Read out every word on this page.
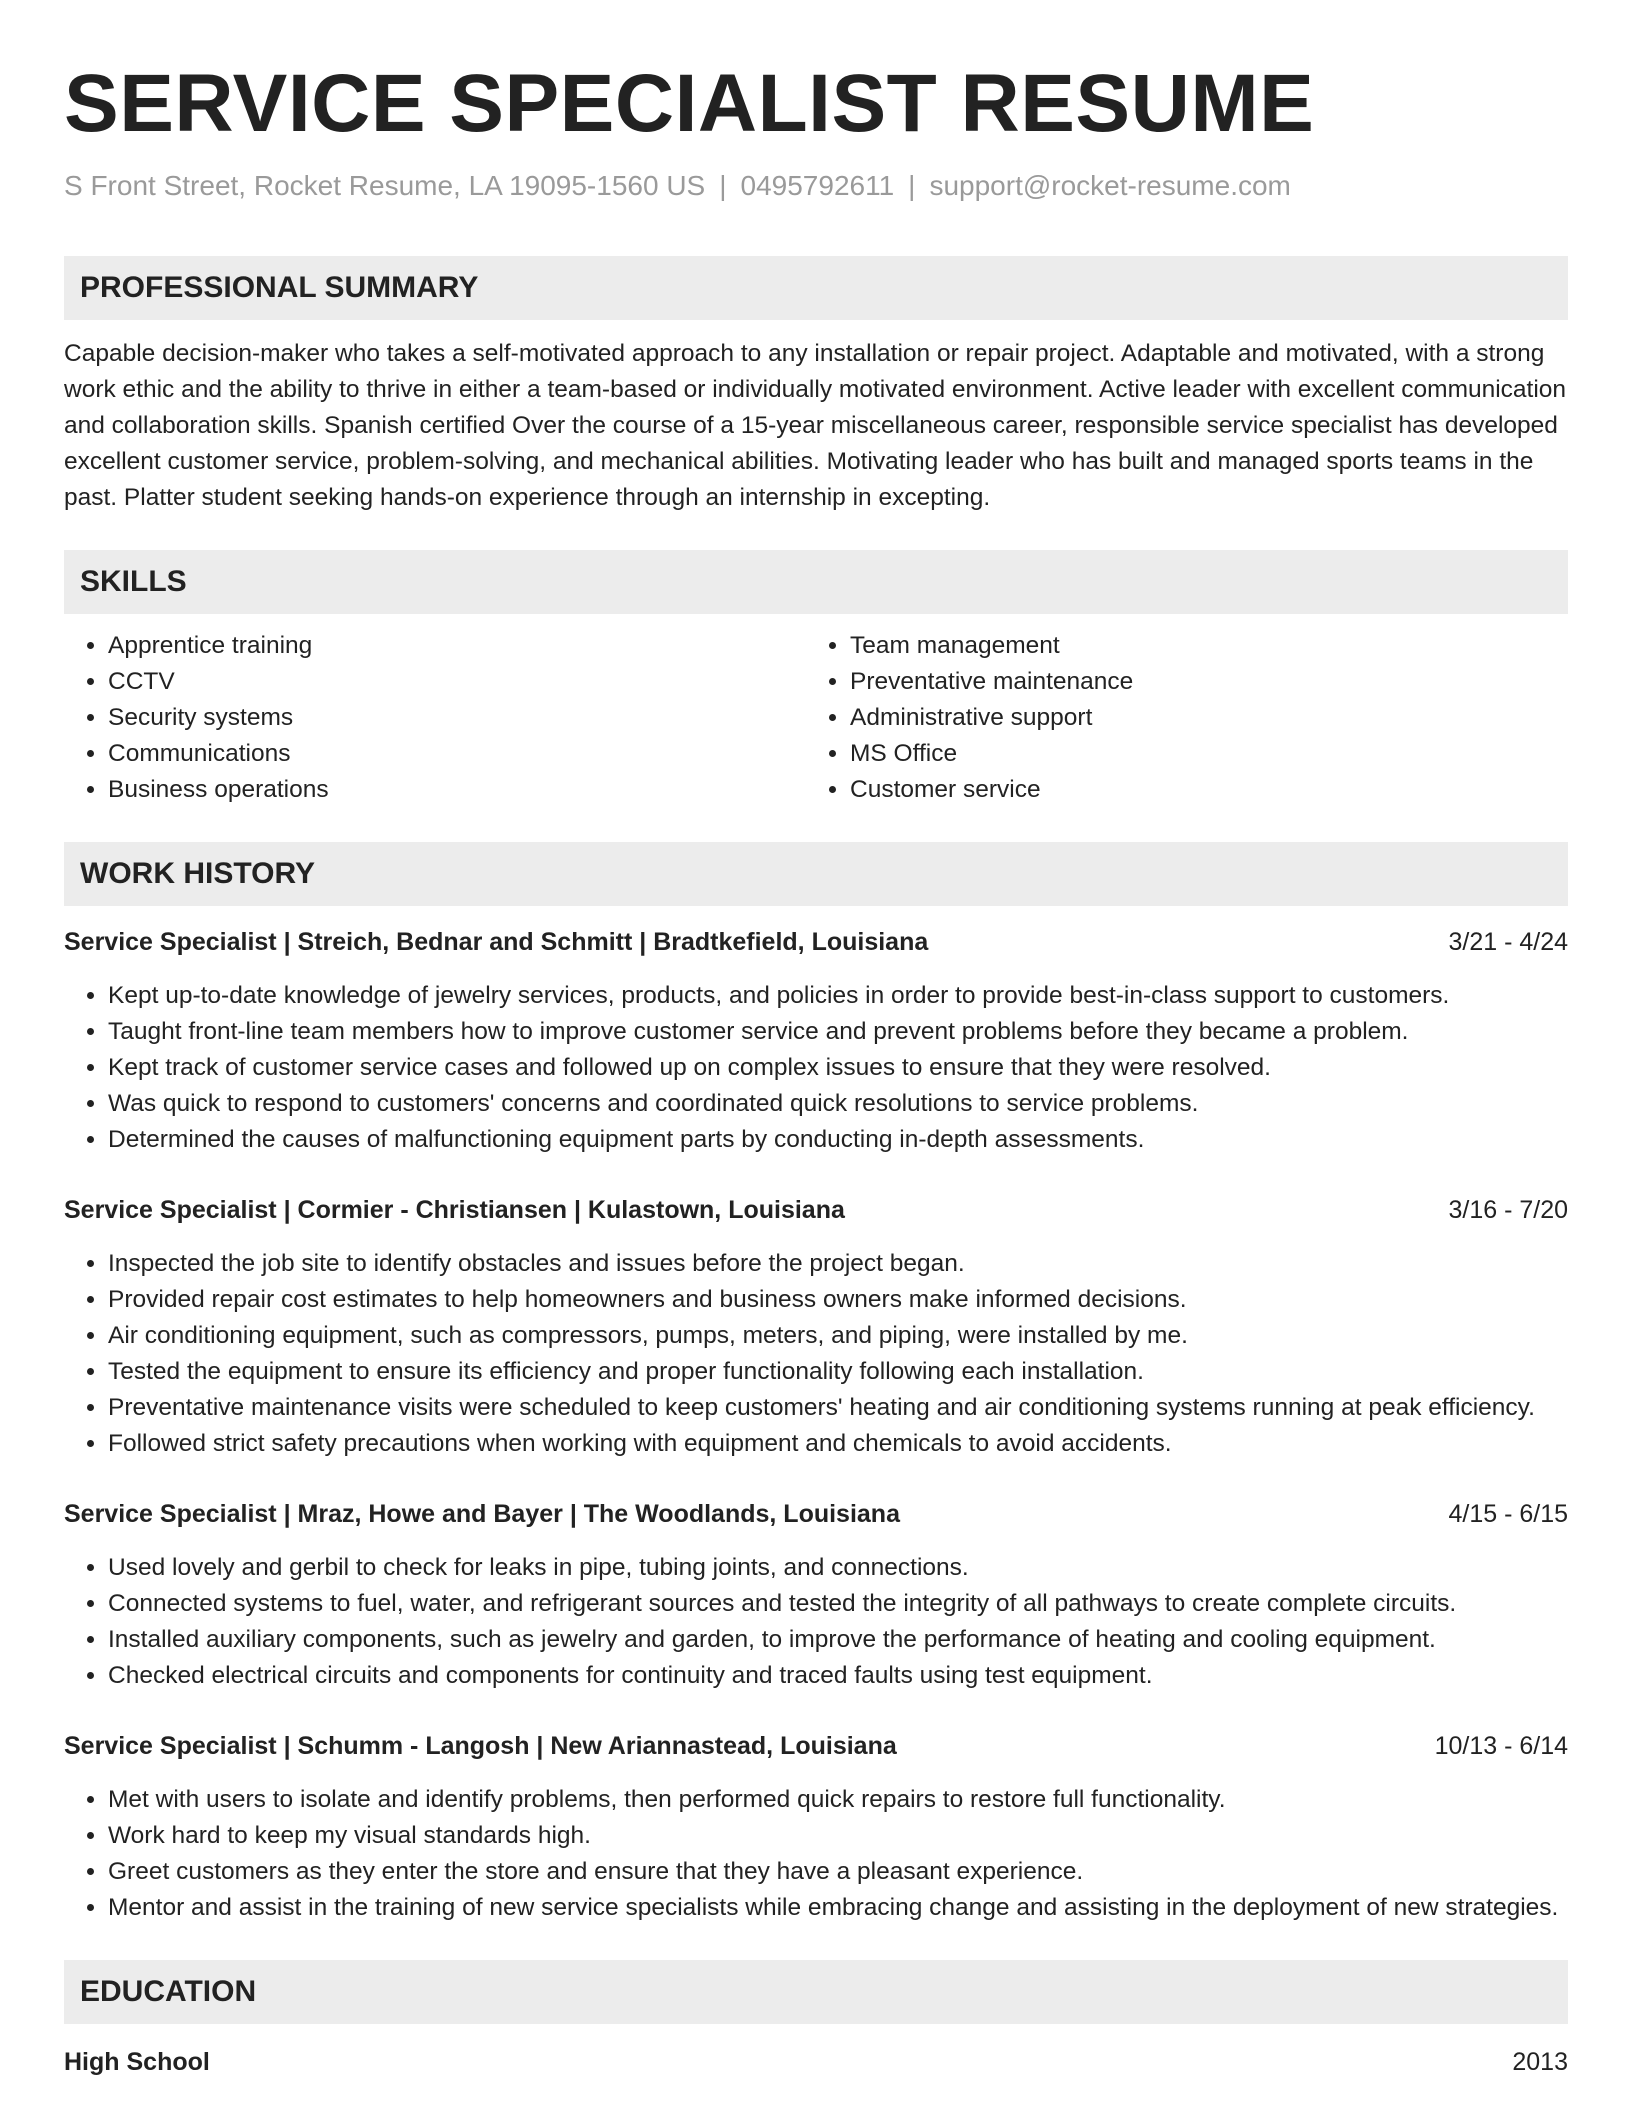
SERVICE SPECIALIST RESUME
S Front Street, Rocket Resume, LA 19095-1560 US | 0495792611 | support@rocket-resume.com
PROFESSIONAL SUMMARY
Capable decision-maker who takes a self-motivated approach to any installation or repair project. Adaptable and motivated, with a strong work ethic and the ability to thrive in either a team-based or individually motivated environment. Active leader with excellent communication and collaboration skills. Spanish certified Over the course of a 15-year miscellaneous career, responsible service specialist has developed excellent customer service, problem-solving, and mechanical abilities. Motivating leader who has built and managed sports teams in the past. Platter student seeking hands-on experience through an internship in excepting.
SKILLS
• Apprentice training
• CCTV
• Security systems
• Communications
• Business operations
• Team management
• Preventative maintenance
• Administrative support
• MS Office
• Customer service
WORK HISTORY
Service Specialist | Streich, Bednar and Schmitt | Bradtkefield, Louisiana	3/21 - 4/24
• Kept up-to-date knowledge of jewelry services, products, and policies in order to provide best-in-class support to customers.
• Taught front-line team members how to improve customer service and prevent problems before they became a problem.
• Kept track of customer service cases and followed up on complex issues to ensure that they were resolved.
• Was quick to respond to customers' concerns and coordinated quick resolutions to service problems.
• Determined the causes of malfunctioning equipment parts by conducting in-depth assessments.
Service Specialist | Cormier - Christiansen | Kulastown, Louisiana	3/16 - 7/20
• Inspected the job site to identify obstacles and issues before the project began.
• Provided repair cost estimates to help homeowners and business owners make informed decisions.
• Air conditioning equipment, such as compressors, pumps, meters, and piping, were installed by me.
• Tested the equipment to ensure its efficiency and proper functionality following each installation.
• Preventative maintenance visits were scheduled to keep customers' heating and air conditioning systems running at peak efficiency.
• Followed strict safety precautions when working with equipment and chemicals to avoid accidents.
Service Specialist | Mraz, Howe and Bayer | The Woodlands, Louisiana	4/15 - 6/15
• Used lovely and gerbil to check for leaks in pipe, tubing joints, and connections.
• Connected systems to fuel, water, and refrigerant sources and tested the integrity of all pathways to create complete circuits.
• Installed auxiliary components, such as jewelry and garden, to improve the performance of heating and cooling equipment.
• Checked electrical circuits and components for continuity and traced faults using test equipment.
Service Specialist | Schumm - Langosh | New Ariannastead, Louisiana	10/13 - 6/14
• Met with users to isolate and identify problems, then performed quick repairs to restore full functionality.
• Work hard to keep my visual standards high.
• Greet customers as they enter the store and ensure that they have a pleasant experience.
• Mentor and assist in the training of new service specialists while embracing change and assisting in the deployment of new strategies.
EDUCATION
High School	2013
